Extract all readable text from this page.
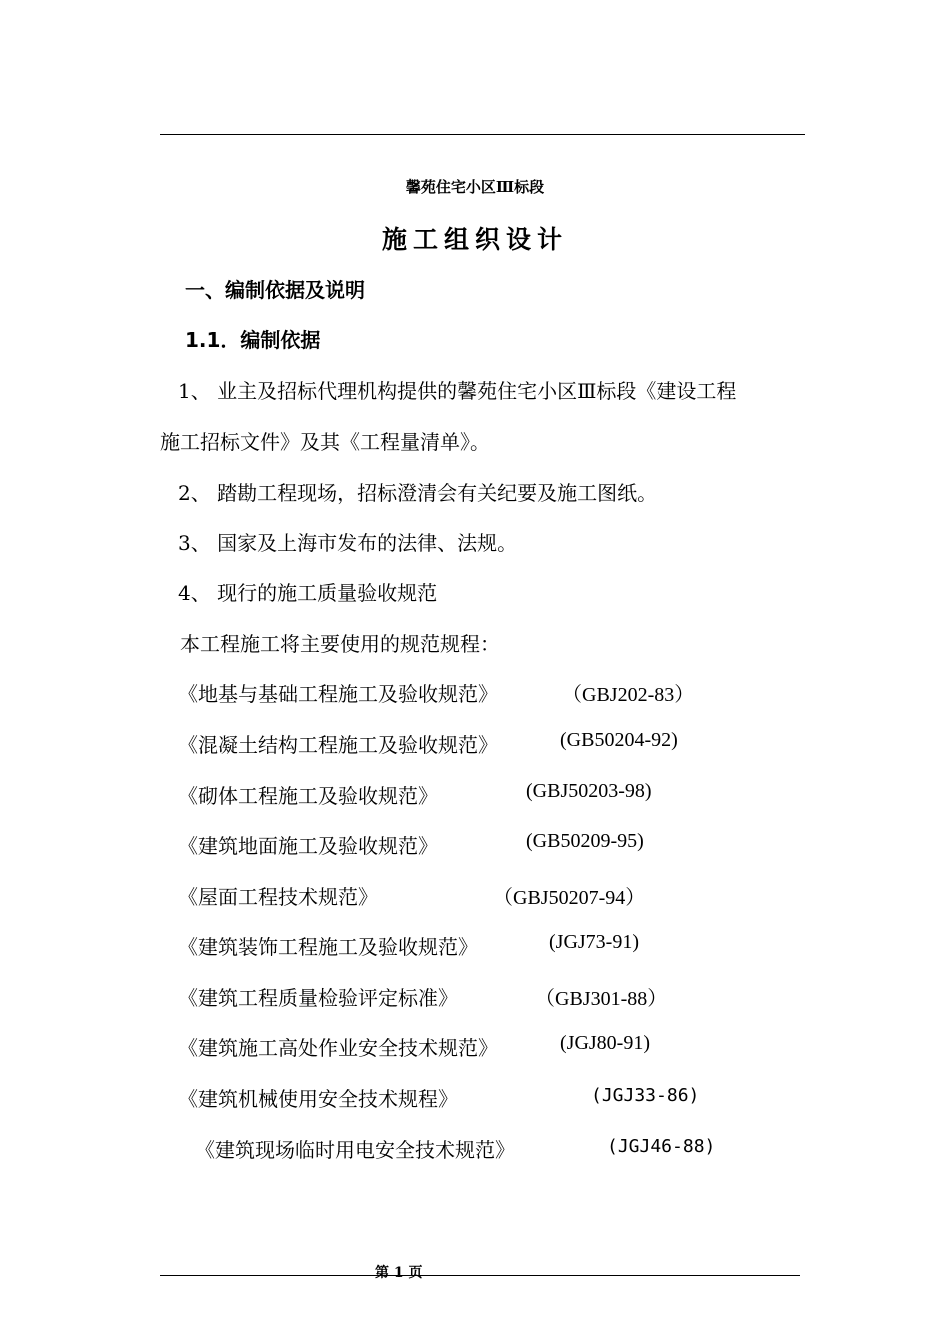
馨苑住宅小区Ⅲ标段
施工组织设计
一、编制依据及说明
1.1．编制依据
1、 业主及招标代理机构提供的馨苑住宅小区Ⅲ标段《建设工程
施工招标文件》及其《工程量清单》。
2、 踏勘工程现场，招标澄清会有关纪要及施工图纸。
3、 国家及上海市发布的法律、法规。
4、 现行的施工质量验收规范
本工程施工将主要使用的规范规程：
《地基与基础工程施工及验收规范》	（GBJ202-83）
《混凝土结构工程施工及验收规范》	(GB50204-92)
《砌体工程施工及验收规范》	(GBJ50203-98)
《建筑地面施工及验收规范》	(GB50209-95)
《屋面工程技术规范》	（GBJ50207-94）
《建筑装饰工程施工及验收规范》	(JGJ73-91)
《建筑工程质量检验评定标准》	（GBJ301-88）
《建筑施工高处作业安全技术规范》	(JGJ80-91)
《建筑机械使用安全技术规程》	(JGJ33-86)
《建筑现场临时用电安全技术规范》	(JGJ46-88)
第 1 页
